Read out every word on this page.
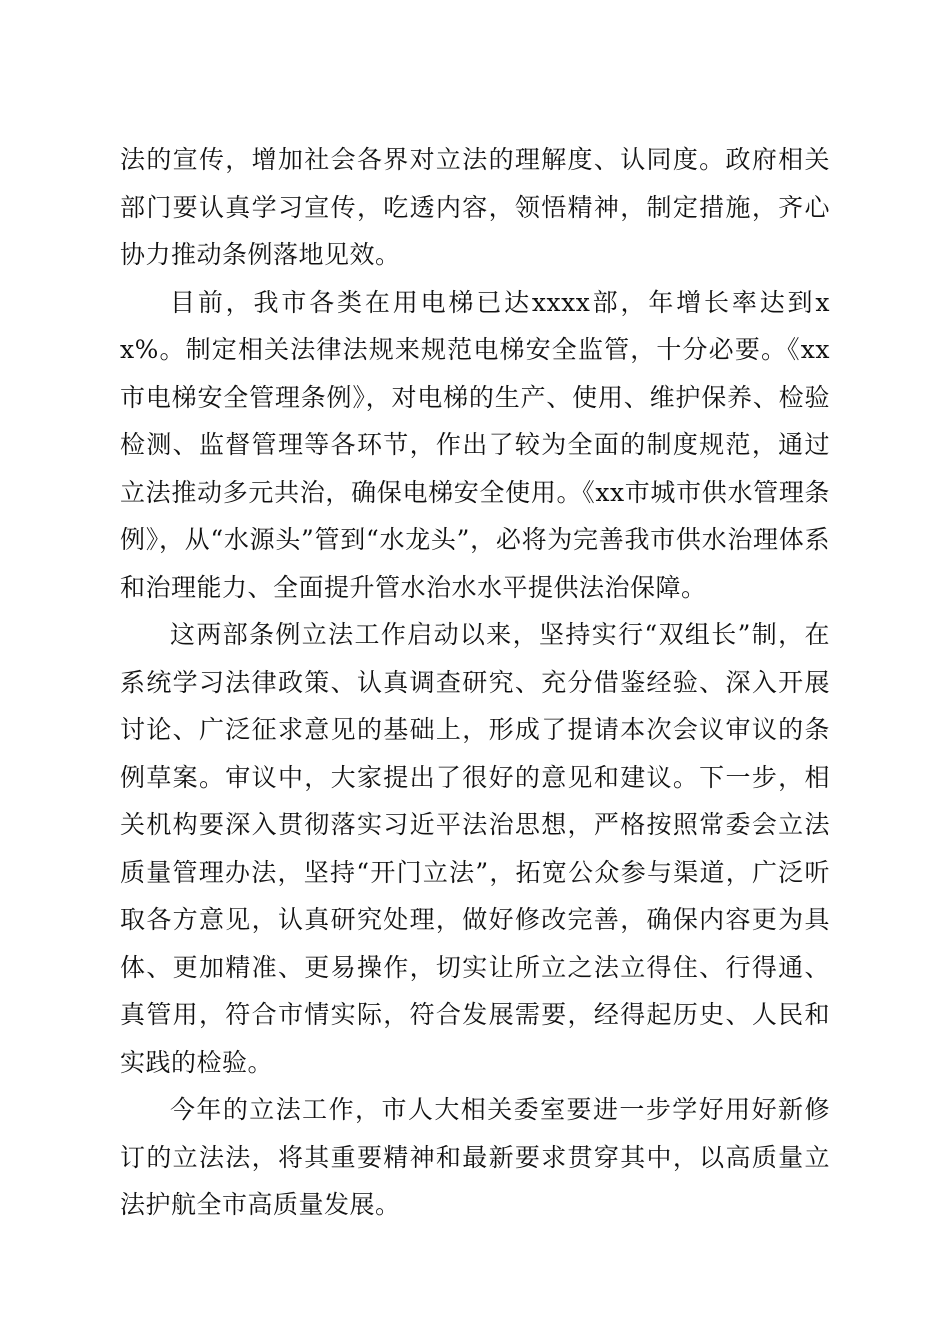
法的宣传，增加社会各界对立法的理解度、认同度。政府相关部门要认真学习宣传，吃透内容，领悟精神，制定措施，齐心协力推动条例落地见效。

目前，我市各类在用电梯已达xxxx部，年增长率达到xx%。制定相关法律法规来规范电梯安全监管，十分必要。《xx市电梯安全管理条例》，对电梯的生产、使用、维护保养、检验检测、监督管理等各环节，作出了较为全面的制度规范，通过立法推动多元共治，确保电梯安全使用。《xx市城市供水管理条例》，从“水源头”管到“水龙头”，必将为完善我市供水治理体系和治理能力、全面提升管水治水水平提供法治保障。

这两部条例立法工作启动以来，坚持实行“双组长”制，在系统学习法律政策、认真调查研究、充分借鉴经验、深入开展讨论、广泛征求意见的基础上，形成了提请本次会议审议的条例草案。审议中，大家提出了很好的意见和建议。下一步，相关机构要深入贯彻落实习近平法治思想，严格按照常委会立法质量管理办法，坚持“开门立法”，拓宽公众参与渠道，广泛听取各方意见，认真研究处理，做好修改完善，确保内容更为具体、更加精准、更易操作，切实让所立之法立得住、行得通、真管用，符合市情实际，符合发展需要，经得起历史、人民和实践的检验。

今年的立法工作，市人大相关委室要进一步学好用好新修订的立法法，将其重要精神和最新要求贯穿其中，以高质量立法护航全市高质量发展。
